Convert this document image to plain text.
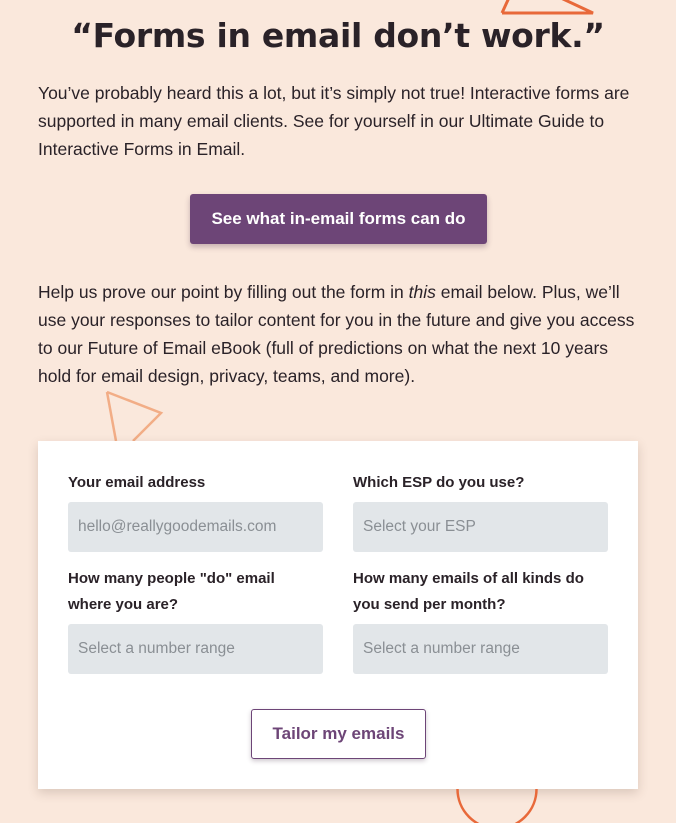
“Forms in email don’t work.”

You’ve probably heard this a lot, but it’s simply not true! Interactive forms are supported in many email clients. See for yourself in our Ultimate Guide to Interactive Forms in Email.

See what in-email forms can do

Help us prove our point by filling out the form in this email below. Plus, we’ll use your responses to tailor content for you in the future and give you access to our Future of Email eBook (full of predictions on what the next 10 years hold for email design, privacy, teams, and more).

Your email address
hello@reallygoodemails.com	Which ESP do you use?
Select your ESP
How many people "do" email where you are?
Select a number range
How many emails of all kinds do you send per month?
Select a number range
Tailor my emails
